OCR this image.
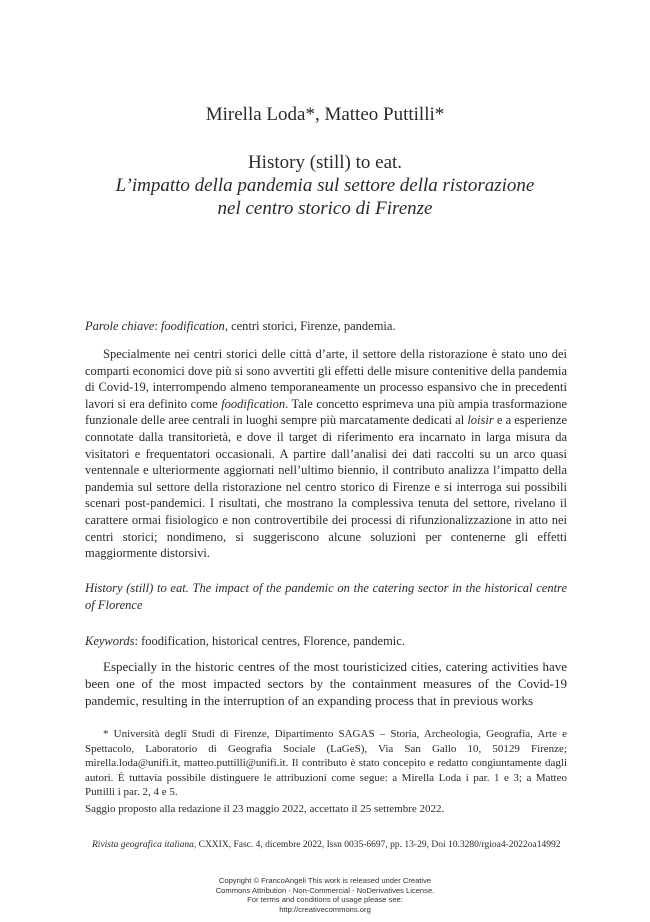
Mirella Loda*, Matteo Puttilli*
History (still) to eat.
L’impatto della pandemia sul settore della ristorazione
nel centro storico di Firenze
Parole chiave: foodification, centri storici, Firenze, pandemia.

Specialmente nei centri storici delle città d’arte, il settore della ristorazione è stato uno dei comparti economici dove più si sono avvertiti gli effetti delle misure contenitive della pandemia di Covid-19, interrompendo almeno temporaneamente un processo espansivo che in precedenti lavori si era definito come foodification. Tale concetto esprimeva una più ampia trasformazione funzionale delle aree centrali in luoghi sempre più marcatamente dedicati al loisir e a esperienze connotate dalla transitorietà, e dove il target di riferimento era incarnato in larga misura da visitatori e frequentatori occasionali. A partire dall’analisi dei dati raccolti su un arco quasi ventennale e ulteriormente aggiornati nell’ultimo biennio, il contributo analizza l’impatto della pandemia sul settore della ristorazione nel centro storico di Firenze e si interroga sui possibili scenari post-pandemici. I risultati, che mostrano la complessiva tenuta del settore, rivelano il carattere ormai fisiologico e non controvertibile dei processi di rifunzionalizzazione in atto nei centri storici; nondimeno, si suggeriscono alcune soluzioni per contenerne gli effetti maggiormente distorsivi.

History (still) to eat. The impact of the pandemic on the catering sector in the historical centre of Florence
Keywords: foodification, historical centres, Florence, pandemic.

Especially in the historic centres of the most touristicized cities, catering activities have been one of the most impacted sectors by the containment measures of the Covid-19 pandemic, resulting in the interruption of an expanding process that in previous works

* Università degli Studi di Firenze, Dipartimento SAGAS – Storia, Archeologia, Geografia, Arte e Spettacolo, Laboratorio di Geografia Sociale (LaGeS), Via San Gallo 10, 50129 Firenze; mirella.loda@unifi.it, matteo.puttilli@unifi.it. Il contributo è stato concepito e redatto congiuntamente dagli autori. È tuttavia possibile distinguere le attribuzioni come segue: a Mirella Loda i par. 1 e 3; a Matteo Puttilli i par. 2, 4 e 5.

Saggio proposto alla redazione il 23 maggio 2022, accettato il 25 settembre 2022.
Rivista geografica italiana, CXXIX, Fasc. 4, dicembre 2022, Issn 0035-6697, pp. 13-29, Doi 10.3280/rgioa4-2022oa14992
Copyright © FrancoAngeli This work is released under Creative
Commons Attribution - Non-Commercial - NoDerivatives License.
For terms and conditions of usage please see:
http://creativecommons.org
